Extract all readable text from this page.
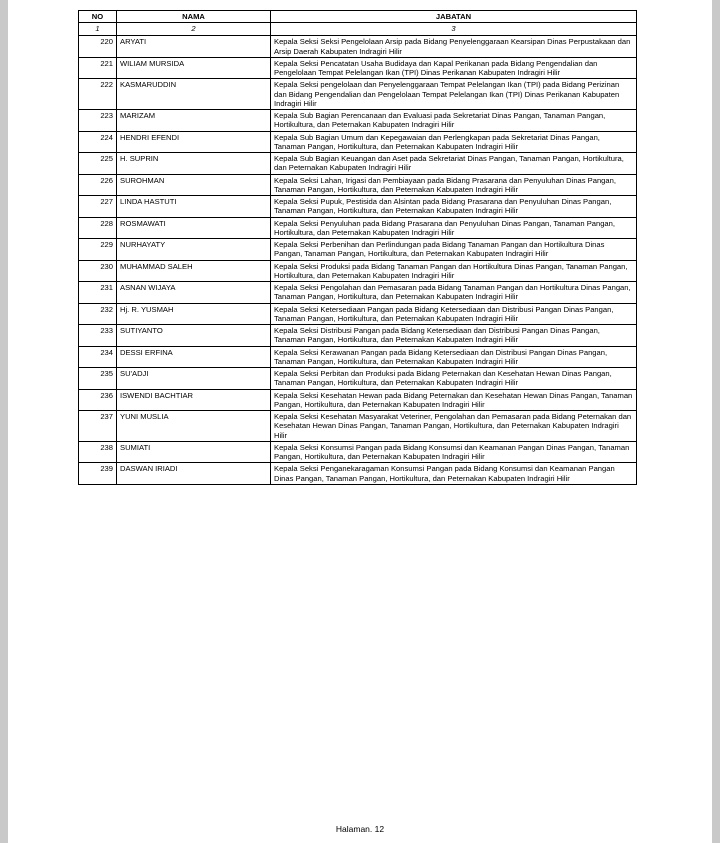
NO	NAMA	JABATAN
1	2	3
220	ARYATI	Kepala Seksi Seksi Pengelolaan Arsip pada Bidang Penyelenggaraan Kearsipan Dinas Perpustakaan dan Arsip Daerah Kabupaten Indragiri Hilir
221	WILIAM MURSIDA	Kepala Seksi Pencatatan Usaha Budidaya dan Kapal Perikanan pada Bidang Pengendalian dan Pengelolaan Tempat Pelelangan Ikan (TPI) Dinas Perikanan Kabupaten Indragiri Hilir
222	KASMARUDDIN	Kepala Seksi pengelolaan dan Penyelenggaraan Tempat Pelelangan Ikan (TPI) pada Bidang Perizinan dan Bidang Pengendalian dan Pengelolaan Tempat Pelelangan Ikan (TPI) Dinas Perikanan Kabupaten Indragiri Hilir
223	MARIZAM	Kepala Sub Bagian Perencanaan dan Evaluasi pada Sekretariat Dinas Pangan, Tanaman Pangan, Hortikultura, dan Peternakan Kabupaten Indragiri Hilir
224	HENDRI EFENDI	Kepala Sub Bagian Umum dan Kepegawaian dan Perlengkapan pada Sekretariat Dinas Pangan, Tanaman Pangan, Hortikultura, dan Peternakan Kabupaten Indragiri Hilir
225	H. SUPRIN	Kepala Sub Bagian Keuangan dan Aset pada Sekretariat Dinas Pangan, Tanaman Pangan, Hortikultura, dan Peternakan Kabupaten Indragiri Hilir
226	SUROHMAN	Kepala Seksi Lahan, Irigasi dan Pembiayaan pada Bidang Prasarana dan Penyuluhan Dinas Pangan, Tanaman Pangan, Hortikultura, dan Peternakan Kabupaten Indragiri Hilir
227	LINDA HASTUTI	Kepala Seksi Pupuk, Pestisida dan Alsintan pada Bidang Prasarana dan Penyuluhan Dinas Pangan, Tanaman Pangan, Hortikultura, dan Peternakan Kabupaten Indragiri Hilir
228	ROSMAWATI	Kepala Seksi Penyuluhan pada Bidang Prasarana dan Penyuluhan Dinas Pangan, Tanaman Pangan, Hortikultura, dan Peternakan Kabupaten Indragiri Hilir
229	NURHAYATY	Kepala Seksi Perbenihan dan Perlindungan pada Bidang Tanaman Pangan dan Hortikultura Dinas Pangan, Tanaman Pangan, Hortikultura, dan Peternakan Kabupaten Indragiri Hilir
230	MUHAMMAD SALEH	Kepala Seksi Produksi pada Bidang Tanaman Pangan dan Hortikultura Dinas Pangan, Tanaman Pangan, Hortikultura, dan Peternakan Kabupaten Indragiri Hilir
231	ASNAN WIJAYA	Kepala Seksi Pengolahan dan Pemasaran pada Bidang Tanaman Pangan dan Hortikultura Dinas Pangan, Tanaman Pangan, Hortikultura, dan Peternakan Kabupaten Indragiri Hilir
232	Hj. R. YUSMAH	Kepala Seksi Ketersediaan Pangan pada Bidang Ketersediaan dan Distribusi Pangan Dinas Pangan, Tanaman Pangan, Hortikultura, dan Peternakan Kabupaten Indragiri Hilir
233	SUTIYANTO	Kepala Seksi Distribusi Pangan pada Bidang Ketersediaan dan Distribusi Pangan Dinas Pangan, Tanaman Pangan, Hortikultura, dan Peternakan Kabupaten Indragiri Hilir
234	DESSI ERFINA	Kepala Seksi Kerawanan Pangan pada Bidang Ketersediaan dan Distribusi Pangan Dinas Pangan, Tanaman Pangan, Hortikultura, dan Peternakan Kabupaten Indragiri Hilir
235	SU'ADJI	Kepala Seksi Perbitan dan Produksi pada Bidang Peternakan dan Kesehatan Hewan Dinas Pangan, Tanaman Pangan, Hortikultura, dan Peternakan Kabupaten Indragiri Hilir
236	ISWENDI BACHTIAR	Kepala Seksi Kesehatan Hewan pada Bidang Peternakan dan Kesehatan Hewan Dinas Pangan, Tanaman Pangan, Hortikultura, dan Peternakan Kabupaten Indragiri Hilir
237	YUNI MUSLIA	Kepala Seksi Kesehatan Masyarakat Veteriner, Pengolahan dan Pemasaran pada Bidang Peternakan dan Kesehatan Hewan Dinas Pangan, Tanaman Pangan, Hortikultura, dan Peternakan Kabupaten Indragiri Hilir
238	SUMIATI	Kepala Seksi Konsumsi Pangan pada Bidang Konsumsi dan Keamanan Pangan Dinas Pangan, Tanaman Pangan, Hortikultura, dan Peternakan Kabupaten Indragiri Hilir
239	DASWAN IRIADI	Kepala Seksi Penganekaragaman Konsumsi Pangan pada Bidang Konsumsi dan Keamanan Pangan Dinas Pangan, Tanaman Pangan, Hortikultura, dan Peternakan Kabupaten Indragiri Hilir
Halaman. 12
